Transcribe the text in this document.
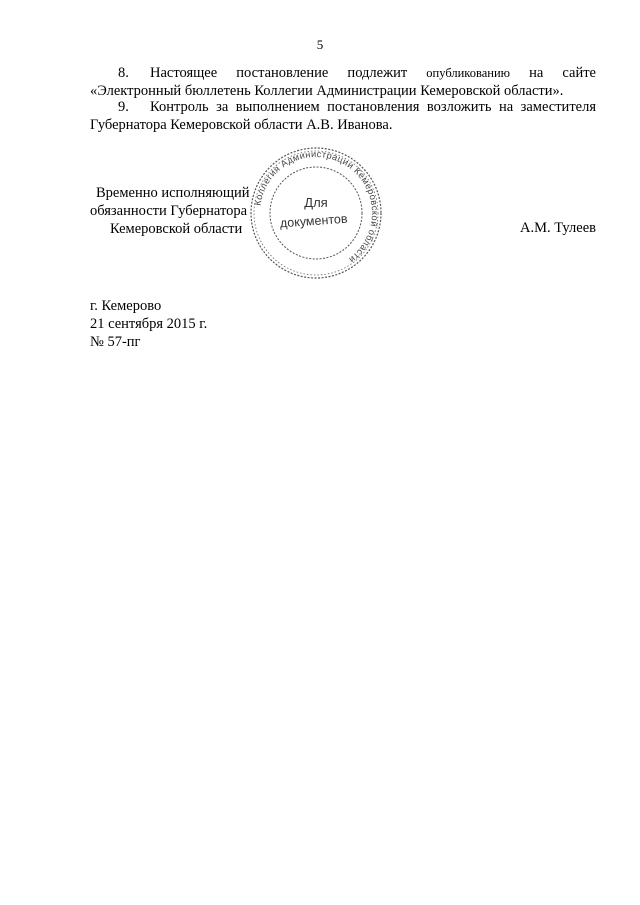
5
8. Настоящее постановление подлежит опубликованию на сайте «Электронный бюллетень Коллегии Администрации Кемеровской области».
9. Контроль за выполнением постановления возложить на заместителя Губернатора Кемеровской области А.В. Иванова.
Временно исполняющий
обязанности Губернатора
Кемеровской области	А.М. Тулеев
Коллегия Администрации Кемеровской области
Для
документов
г. Кемерово
21 сентября 2015 г.
№ 57-пг
